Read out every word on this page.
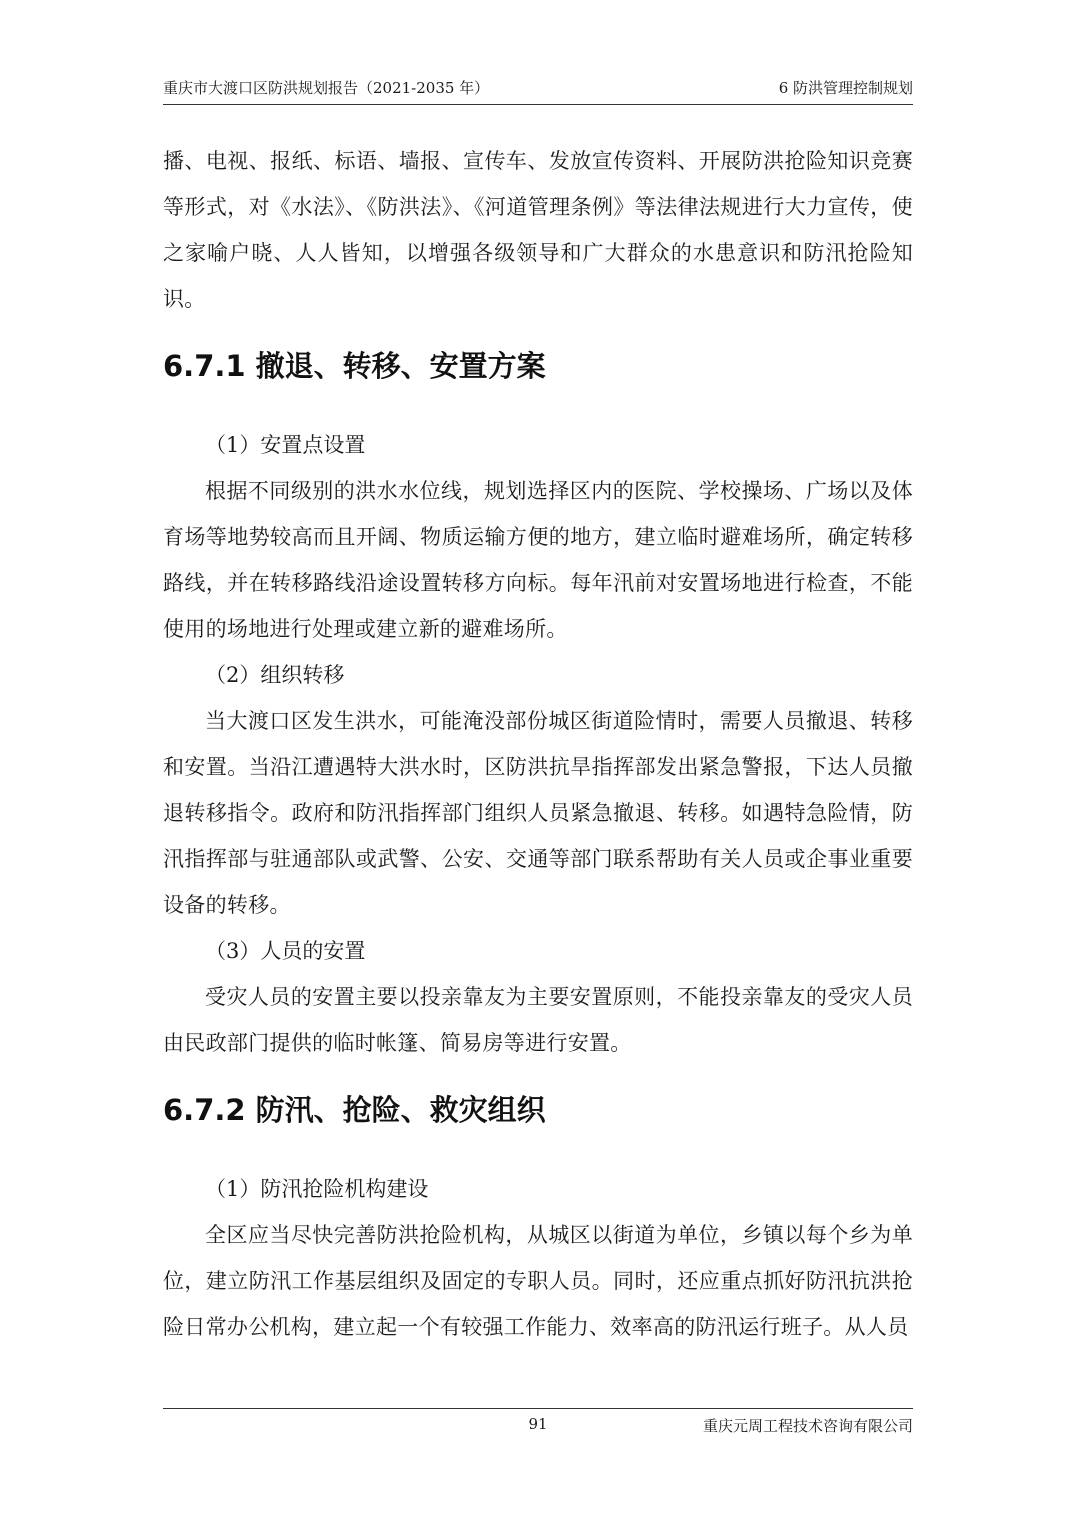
重庆市大渡口区防洪规划报告（2021-2035 年）	6 防洪管理控制规划

播、电视、报纸、标语、墙报、宣传车、发放宣传资料、开展防洪抢险知识竞赛等形式，对《水法》、《防洪法》、《河道管理条例》等法律法规进行大力宣传，使之家喻户晓、人人皆知，以增强各级领导和广大群众的水患意识和防汛抢险知识。

6.7.1 撤退、转移、安置方案

（1）安置点设置

根据不同级别的洪水水位线，规划选择区内的医院、学校操场、广场以及体育场等地势较高而且开阔、物质运输方便的地方，建立临时避难场所，确定转移路线，并在转移路线沿途设置转移方向标。每年汛前对安置场地进行检查，不能使用的场地进行处理或建立新的避难场所。

（2）组织转移

当大渡口区发生洪水，可能淹没部份城区街道险情时，需要人员撤退、转移和安置。当沿江遭遇特大洪水时，区防洪抗旱指挥部发出紧急警报，下达人员撤退转移指令。政府和防汛指挥部门组织人员紧急撤退、转移。如遇特急险情，防汛指挥部与驻通部队或武警、公安、交通等部门联系帮助有关人员或企事业重要设备的转移。

（3）人员的安置

受灾人员的安置主要以投亲靠友为主要安置原则，不能投亲靠友的受灾人员由民政部门提供的临时帐篷、简易房等进行安置。

6.7.2 防汛、抢险、救灾组织

（1）防汛抢险机构建设

全区应当尽快完善防洪抢险机构，从城区以街道为单位，乡镇以每个乡为单位，建立防汛工作基层组织及固定的专职人员。同时，还应重点抓好防汛抗洪抢险日常办公机构，建立起一个有较强工作能力、效率高的防汛运行班子。从人员

91	重庆元周工程技术咨询有限公司
